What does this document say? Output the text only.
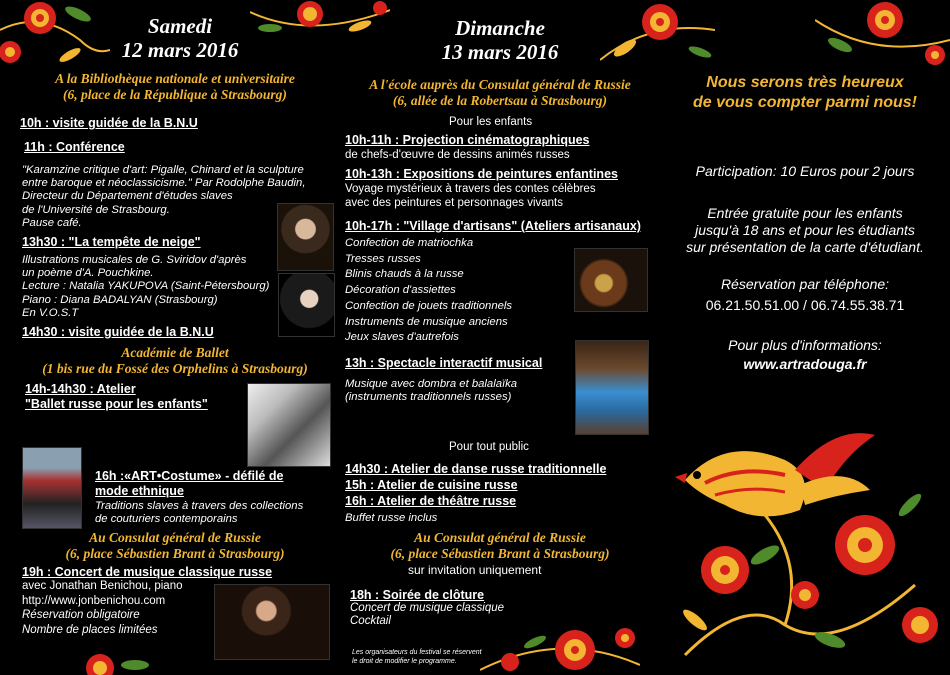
Samedi
12 mars 2016
A la Bibliothèque nationale et universitaire
(6, place de la République à Strasbourg)
10h : visite guidée de la B.N.U
11h : Conférence
"Karamzine critique d'art: Pigalle, Chinard et la sculpture
entre baroque et néoclassicisme." Par Rodolphe Baudin,
Directeur du Département d'études slaves
de l'Université de Strasbourg.
Pause café.
13h30 : "La tempête de neige"
Illustrations musicales de G. Sviridov d'après
un poème d'A. Pouchkine.
Lecture : Natalia YAKUPOVA (Saint-Pétersbourg)
Piano : Diana BADALYAN (Strasbourg)
En V.O.S.T
14h30 : visite guidée de la B.N.U
Académie de Ballet
(1 bis rue du Fossé des Orphelins à Strasbourg)
14h-14h30 : Atelier
"Ballet russe pour les enfants"
16h :«ART•Costume» - défilé de
mode ethnique
Traditions slaves à travers des collections
de couturiers contemporains
Au Consulat général de Russie
(6, place Sébastien Brant à Strasbourg)
19h : Concert de musique classique russe
avec Jonathan Benichou, piano
http://www.jonbenichou.com
Réservation obligatoire
Nombre de places limitées
Dimanche
13 mars 2016
A l'école auprès du Consulat général de Russie
(6, allée de la Robertsau à Strasbourg)
Pour les enfants
10h-11h : Projection cinématographiques
de chefs-d'œuvre de dessins animés russes
10h-13h : Expositions de peintures enfantines
Voyage mystérieux à travers des contes célèbres
avec des peintures et personnages vivants
10h-17h : "Village d'artisans" (Ateliers artisanaux)
Confection de matriochka
Tresses russes
Blinis chauds à la russe
Décoration d'assiettes
Confection de jouets traditionnels
Instruments de musique anciens
Jeux slaves d'autrefois
13h : Spectacle interactif musical
Musique avec dombra et balalaïka
(instruments traditionnels russes)
Pour tout public
14h30 : Atelier de danse russe traditionnelle
15h : Atelier de cuisine russe
16h : Atelier de théâtre russe
Buffet russe inclus
Au Consulat général de Russie
(6, place Sébastien Brant à Strasbourg)
sur invitation uniquement
18h : Soirée de clôture
Concert de musique classique
Cocktail
Les organisateurs du festival se réservent
le droit de modifier le programme.
Nous serons très heureux
de vous compter parmi nous!
Participation: 10 Euros pour 2 jours
Entrée gratuite pour les enfants
jusqu'à 18 ans et pour les étudiants
sur présentation de la carte d'étudiant.
Réservation par téléphone:
06.21.50.51.00 / 06.74.55.38.71
Pour plus d'informations:
www.artradouga.fr
